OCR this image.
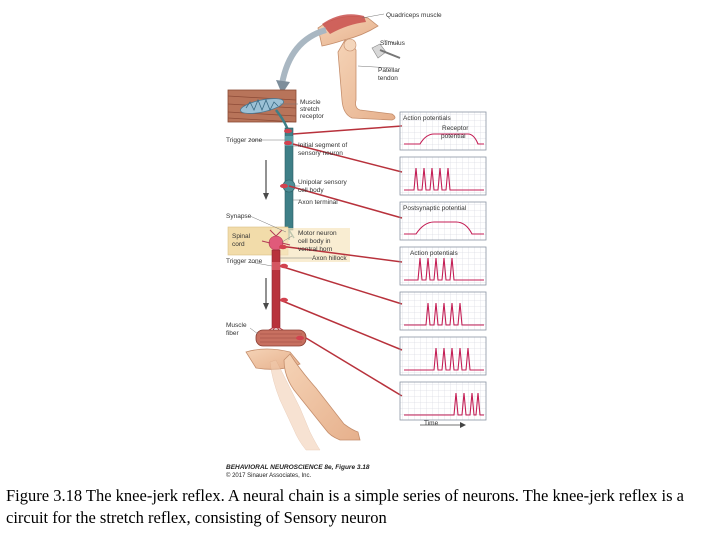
Quadriceps muscle
Stimulus
Patellar
tendon
Muscle
stretch
receptor
Trigger zone
Initial segment of
sensory neuron
Unipolar sensory
cell body
Axon terminal
Synapse
Spinal
cord
Motor neuron
cell body in
ventral horn
Axon hillock
Trigger zone
Muscle
fiber
Action potentials
Receptor
potential
Postsynaptic potential
Action potentials
Time
BEHAVIORAL NEUROSCIENCE 8e, Figure 3.18
© 2017 Sinauer Associates, Inc.

Figure 3.18 The knee-jerk reflex. A neural chain is a simple series of neurons. The knee-jerk reflex is a circuit for the stretch reflex, consisting of Sensory neuron
